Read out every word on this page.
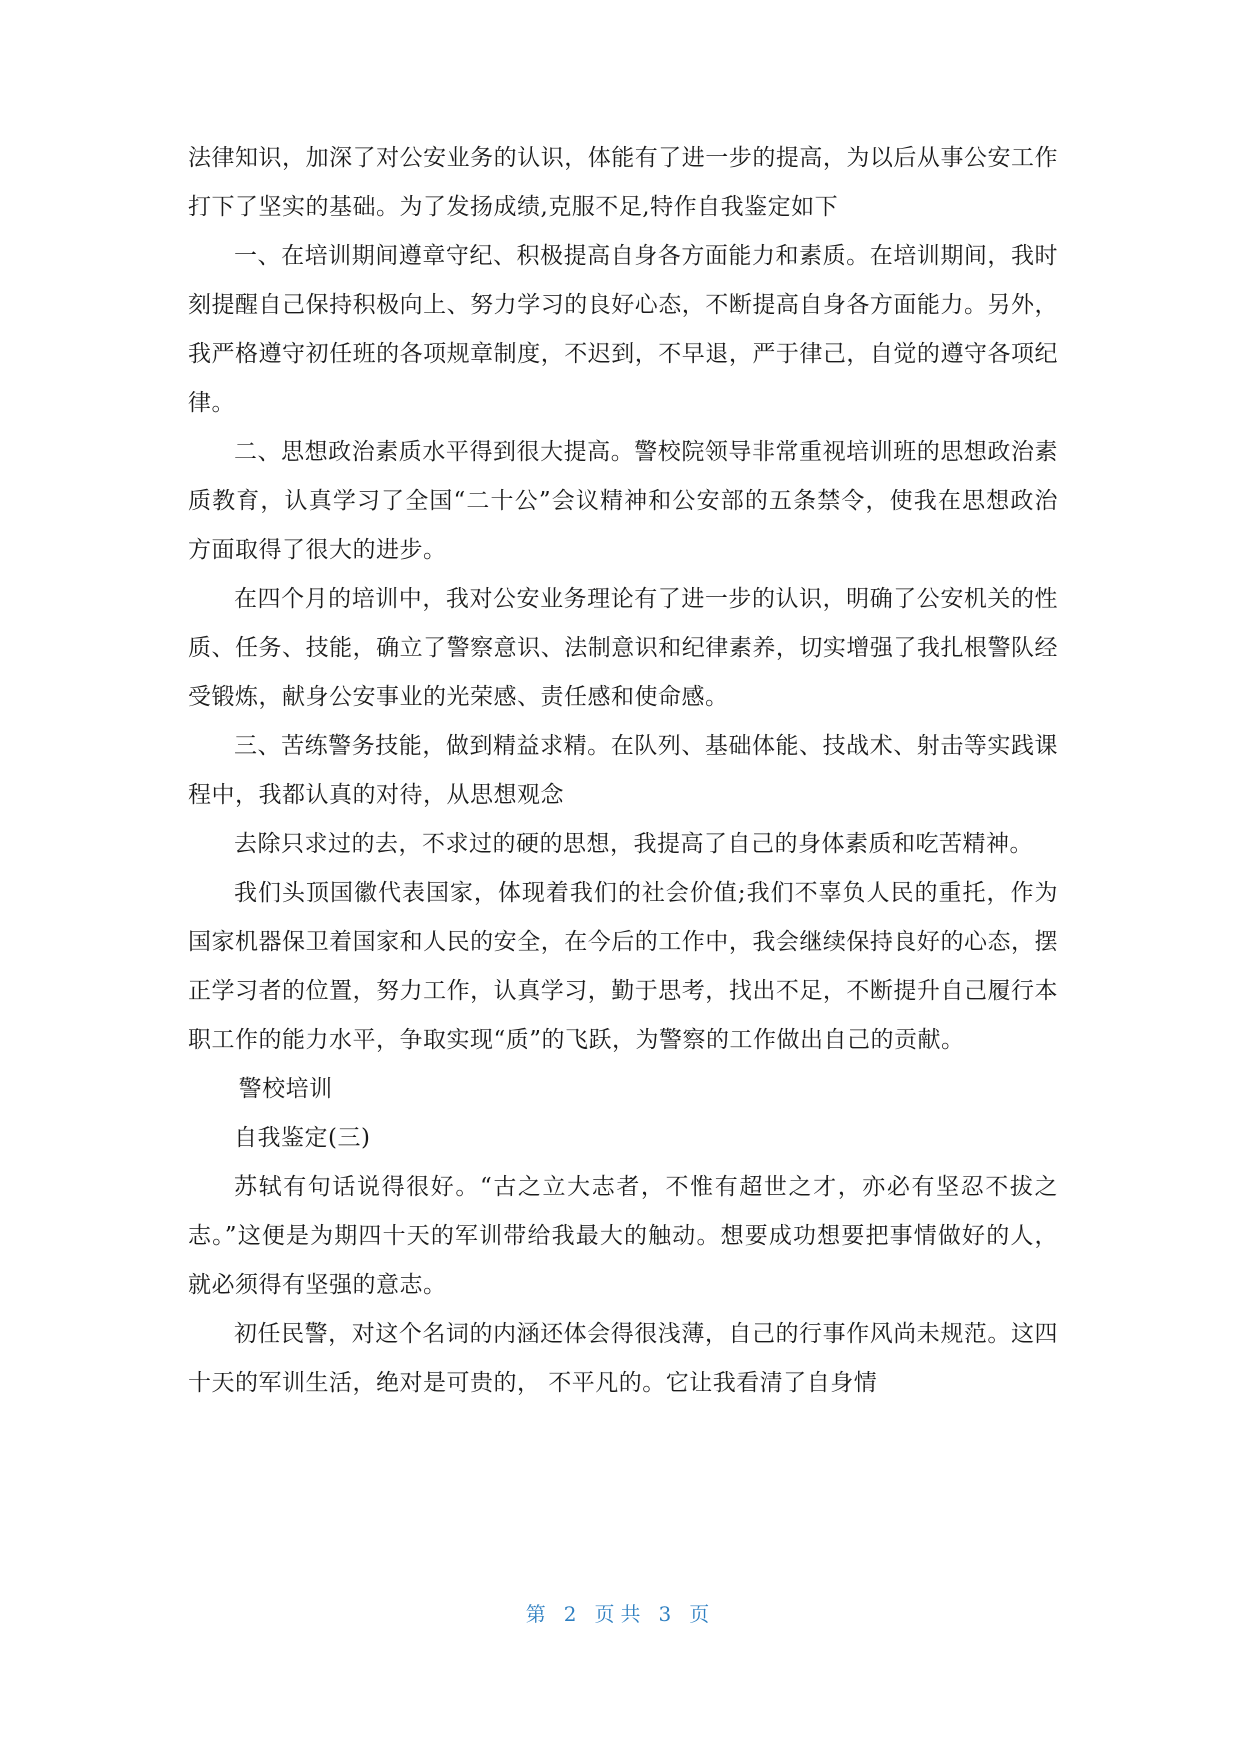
法律知识，加深了对公安业务的认识，体能有了进一步的提高，为以后从事公安工作打下了坚实的基础。为了发扬成绩,克服不足,特作自我鉴定如下

一、在培训期间遵章守纪、积极提高自身各方面能力和素质。在培训期间，我时刻提醒自己保持积极向上、努力学习的良好心态，不断提高自身各方面能力。另外，我严格遵守初任班的各项规章制度，不迟到，不早退，严于律己，自觉的遵守各项纪律。

二、思想政治素质水平得到很大提高。警校院领导非常重视培训班的思想政治素质教育，认真学习了全国“二十公”会议精神和公安部的五条禁令，使我在思想政治方面取得了很大的进步。

在四个月的培训中，我对公安业务理论有了进一步的认识，明确了公安机关的性质、任务、技能，确立了警察意识、法制意识和纪律素养，切实增强了我扎根警队经受锻炼，献身公安事业的光荣感、责任感和使命感。

三、苦练警务技能，做到精益求精。在队列、基础体能、技战术、射击等实践课程中，我都认真的对待，从思想观念

去除只求过的去，不求过的硬的思想，我提高了自己的身体素质和吃苦精神。

我们头顶国徽代表国家，体现着我们的社会价值;我们不辜负人民的重托，作为国家机器保卫着国家和人民的安全，在今后的工作中，我会继续保持良好的心态，摆正学习者的位置，努力工作，认真学习，勤于思考，找出不足，不断提升自己履行本职工作的能力水平，争取实现“质”的飞跃，为警察的工作做出自己的贡献。

警校培训

自我鉴定(三)

苏轼有句话说得很好。“古之立大志者，不惟有超世之才，亦必有坚忍不拔之志。”这便是为期四十天的军训带给我最大的触动。想要成功想要把事情做好的人，就必须得有坚强的意志。

初任民警，对这个名词的内涵还体会得很浅薄，自己的行事作风尚未规范。这四十天的军训生活，绝对是可贵的， 不平凡的。它让我看清了自身情

第 2 页共 3 页
